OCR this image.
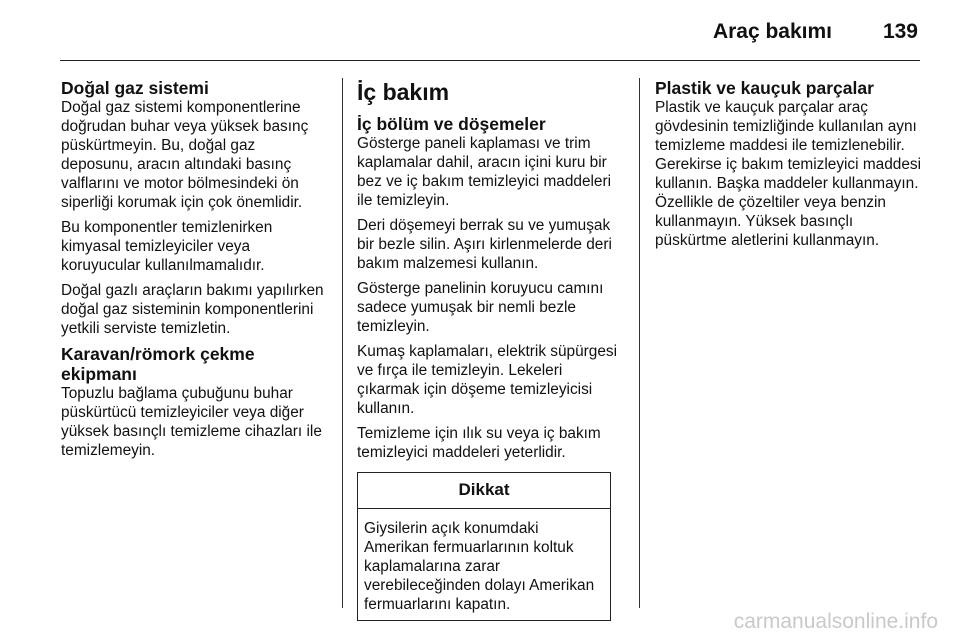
Araç bakımı 139
Doğal gaz sistemi

Doğal gaz sistemi komponentlerine doğrudan buhar veya yüksek basınç püskürtmeyin. Bu, doğal gaz deposunu, aracın altındaki basınç valflarını ve motor bölmesindeki ön siperliği korumak için çok önemlidir.

Bu komponentler temizlenirken kimyasal temizleyiciler veya koruyucular kullanılmamalıdır.

Doğal gazlı araçların bakımı yapılırken doğal gaz sisteminin komponentlerini yetkili serviste temizletin.

Karavan/römork çekme ekipmanı

Topuzlu bağlama çubuğunu buhar püskürtücü temizleyiciler veya diğer yüksek basınçlı temizleme cihazları ile temizlemeyin.

İç bakım
İç bölüm ve döşemeler

Gösterge paneli kaplaması ve trim kaplamalar dahil, aracın içini kuru bir bez ve iç bakım temizleyici maddeleri ile temizleyin.

Deri döşemeyi berrak su ve yumuşak bir bezle silin. Aşırı kirlenmelerde deri bakım malzemesi kullanın.

Gösterge panelinin koruyucu camını sadece yumuşak bir nemli bezle temizleyin.

Kumaş kaplamaları, elektrik süpürgesi ve fırça ile temizleyin. Lekeleri çıkarmak için döşeme temizleyicisi kullanın.

Temizleme için ılık su veya iç bakım temizleyici maddeleri yeterlidir.

Dikkat
Giysilerin açık konumdaki Amerikan fermuarlarının koltuk kaplamalarına zarar verebileceğinden dolayı Amerikan fermuarlarını kapatın.
Plastik ve kauçuk parçalar

Plastik ve kauçuk parçalar araç gövdesinin temizliğinde kullanılan aynı temizleme maddesi ile temizlenebilir. Gerekirse iç bakım temizleyici maddesi kullanın. Başka maddeler kullanmayın. Özellikle de çözeltiler veya benzin kullanmayın. Yüksek basınçlı püskürtme aletlerini kullanmayın.

carmanualsonline.info
